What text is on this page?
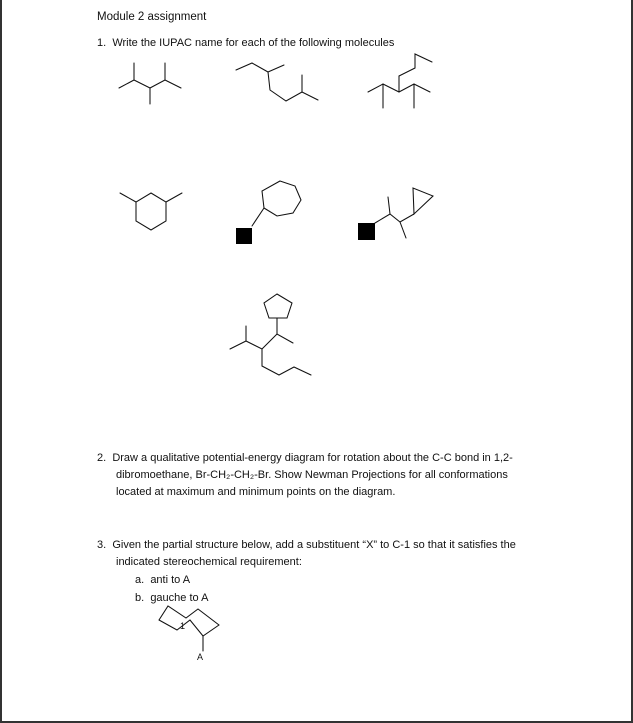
Module 2 assignment
1. Write the IUPAC name for each of the following molecules
2. Draw a qualitative potential-energy diagram for rotation about the C-C bond in 1,2-
dibromoethane, Br-CH₂-CH₂-Br. Show Newman Projections for all conformations
located at maximum and minimum points on the diagram.
3. Given the partial structure below, add a substituent “X” to C-1 so that it satisfies the
indicated stereochemical requirement:
a. anti to A
b. gauche to A
1
A
